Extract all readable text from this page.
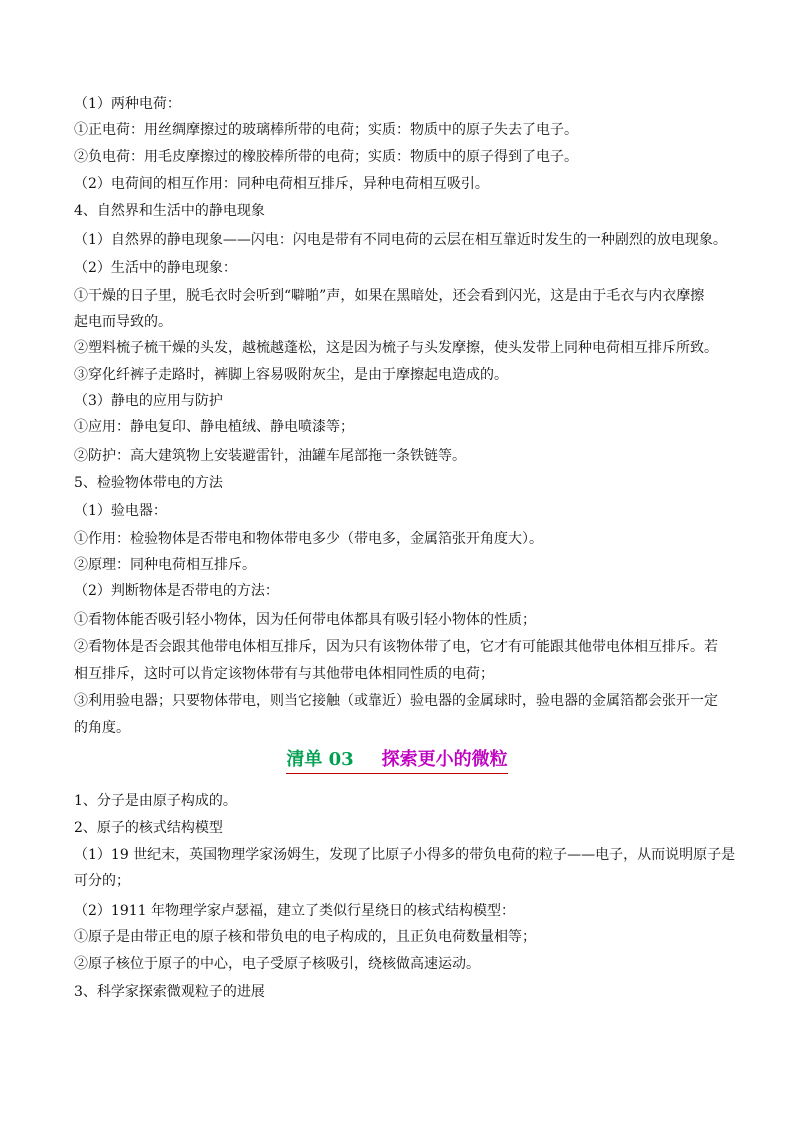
（1）两种电荷：
①正电荷：用丝绸摩擦过的玻璃棒所带的电荷；实质：物质中的原子失去了电子。
②负电荷：用毛皮摩擦过的橡胶棒所带的电荷；实质：物质中的原子得到了电子。
（2）电荷间的相互作用：同种电荷相互排斥，异种电荷相互吸引。
4、自然界和生活中的静电现象
（1）自然界的静电现象——闪电：闪电是带有不同电荷的云层在相互靠近时发生的一种剧烈的放电现象。
（2）生活中的静电现象：
①干燥的日子里，脱毛衣时会听到“噼啪”声，如果在黑暗处，还会看到闪光，这是由于毛衣与内衣摩擦
起电而导致的。
②塑料梳子梳干燥的头发，越梳越蓬松，这是因为梳子与头发摩擦，使头发带上同种电荷相互排斥所致。
③穿化纤裤子走路时，裤脚上容易吸附灰尘，是由于摩擦起电造成的。
（3）静电的应用与防护
①应用：静电复印、静电植绒、静电喷漆等；
②防护：高大建筑物上安装避雷针，油罐车尾部拖一条铁链等。
5、检验物体带电的方法
（1）验电器：
①作用：检验物体是否带电和物体带电多少（带电多，金属箔张开角度大）。
②原理：同种电荷相互排斥。
（2）判断物体是否带电的方法：
①看物体能否吸引轻小物体，因为任何带电体都具有吸引轻小物体的性质；
②看物体是否会跟其他带电体相互排斥，因为只有该物体带了电，它才有可能跟其他带电体相互排斥。若
相互排斥，这时可以肯定该物体带有与其他带电体相同性质的电荷；
③利用验电器；只要物体带电，则当它接触（或靠近）验电器的金属球时，验电器的金属箔都会张开一定
的角度。
1、分子是由原子构成的。
2、原子的核式结构模型
（1）19 世纪末，英国物理学家汤姆生，发现了比原子小得多的带负电荷的粒子——电子，从而说明原子是
可分的；
（2）1911 年物理学家卢瑟福，建立了类似行星绕日的核式结构模型：
①原子是由带正电的原子核和带负电的电子构成的，且正负电荷数量相等；
②原子核位于原子的中心，电子受原子核吸引，绕核做高速运动。
3、科学家探索微观粒子的进展
清单 03 探索更小的微粒
